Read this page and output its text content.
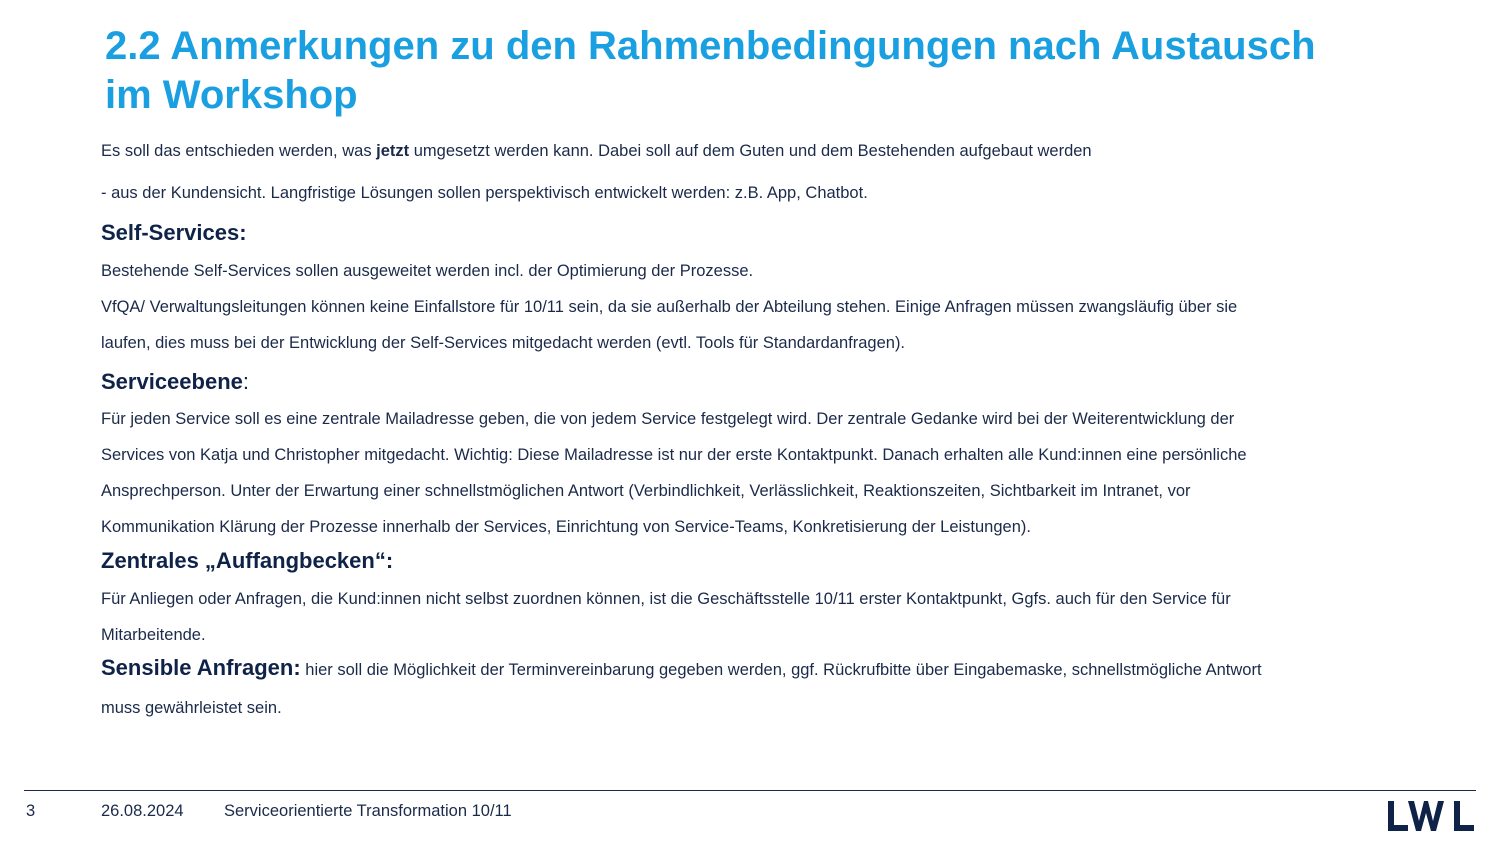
2.2 Anmerkungen zu den Rahmenbedingungen nach Austausch
im Workshop
Es soll das entschieden werden, was jetzt umgesetzt werden kann. Dabei soll auf dem Guten und dem Bestehenden aufgebaut werden
- aus der Kundensicht. Langfristige Lösungen sollen perspektivisch entwickelt werden: z.B. App, Chatbot.
Self-Services:
Bestehende Self-Services sollen ausgeweitet werden incl. der Optimierung der Prozesse.
VfQA/ Verwaltungsleitungen können keine Einfallstore für 10/11 sein, da sie außerhalb der Abteilung stehen. Einige Anfragen müssen zwangsläufig über sie
laufen, dies muss bei der Entwicklung der Self-Services mitgedacht werden (evtl. Tools für Standardanfragen).
Serviceebene:
Für jeden Service soll es eine zentrale Mailadresse geben, die von jedem Service festgelegt wird. Der zentrale Gedanke wird bei der Weiterentwicklung der
Services von Katja und Christopher mitgedacht. Wichtig: Diese Mailadresse ist nur der erste Kontaktpunkt. Danach erhalten alle Kund:innen eine persönliche
Ansprechperson. Unter der Erwartung einer schnellstmöglichen Antwort (Verbindlichkeit, Verlässlichkeit, Reaktionszeiten, Sichtbarkeit im Intranet, vor
Kommunikation Klärung der Prozesse innerhalb der Services, Einrichtung von Service-Teams, Konkretisierung der Leistungen).
Zentrales „Auffangbecken“:
Für Anliegen oder Anfragen, die Kund:innen nicht selbst zuordnen können, ist die Geschäftsstelle 10/11 erster Kontaktpunkt, Ggfs. auch für den Service für
Mitarbeitende.
Sensible Anfragen: hier soll die Möglichkeit der Terminvereinbarung gegeben werden, ggf. Rückrufbitte über Eingabemaske, schnellstmögliche Antwort
muss gewährleistet sein.
3	26.08.2024 Serviceorientierte Transformation 10/11
